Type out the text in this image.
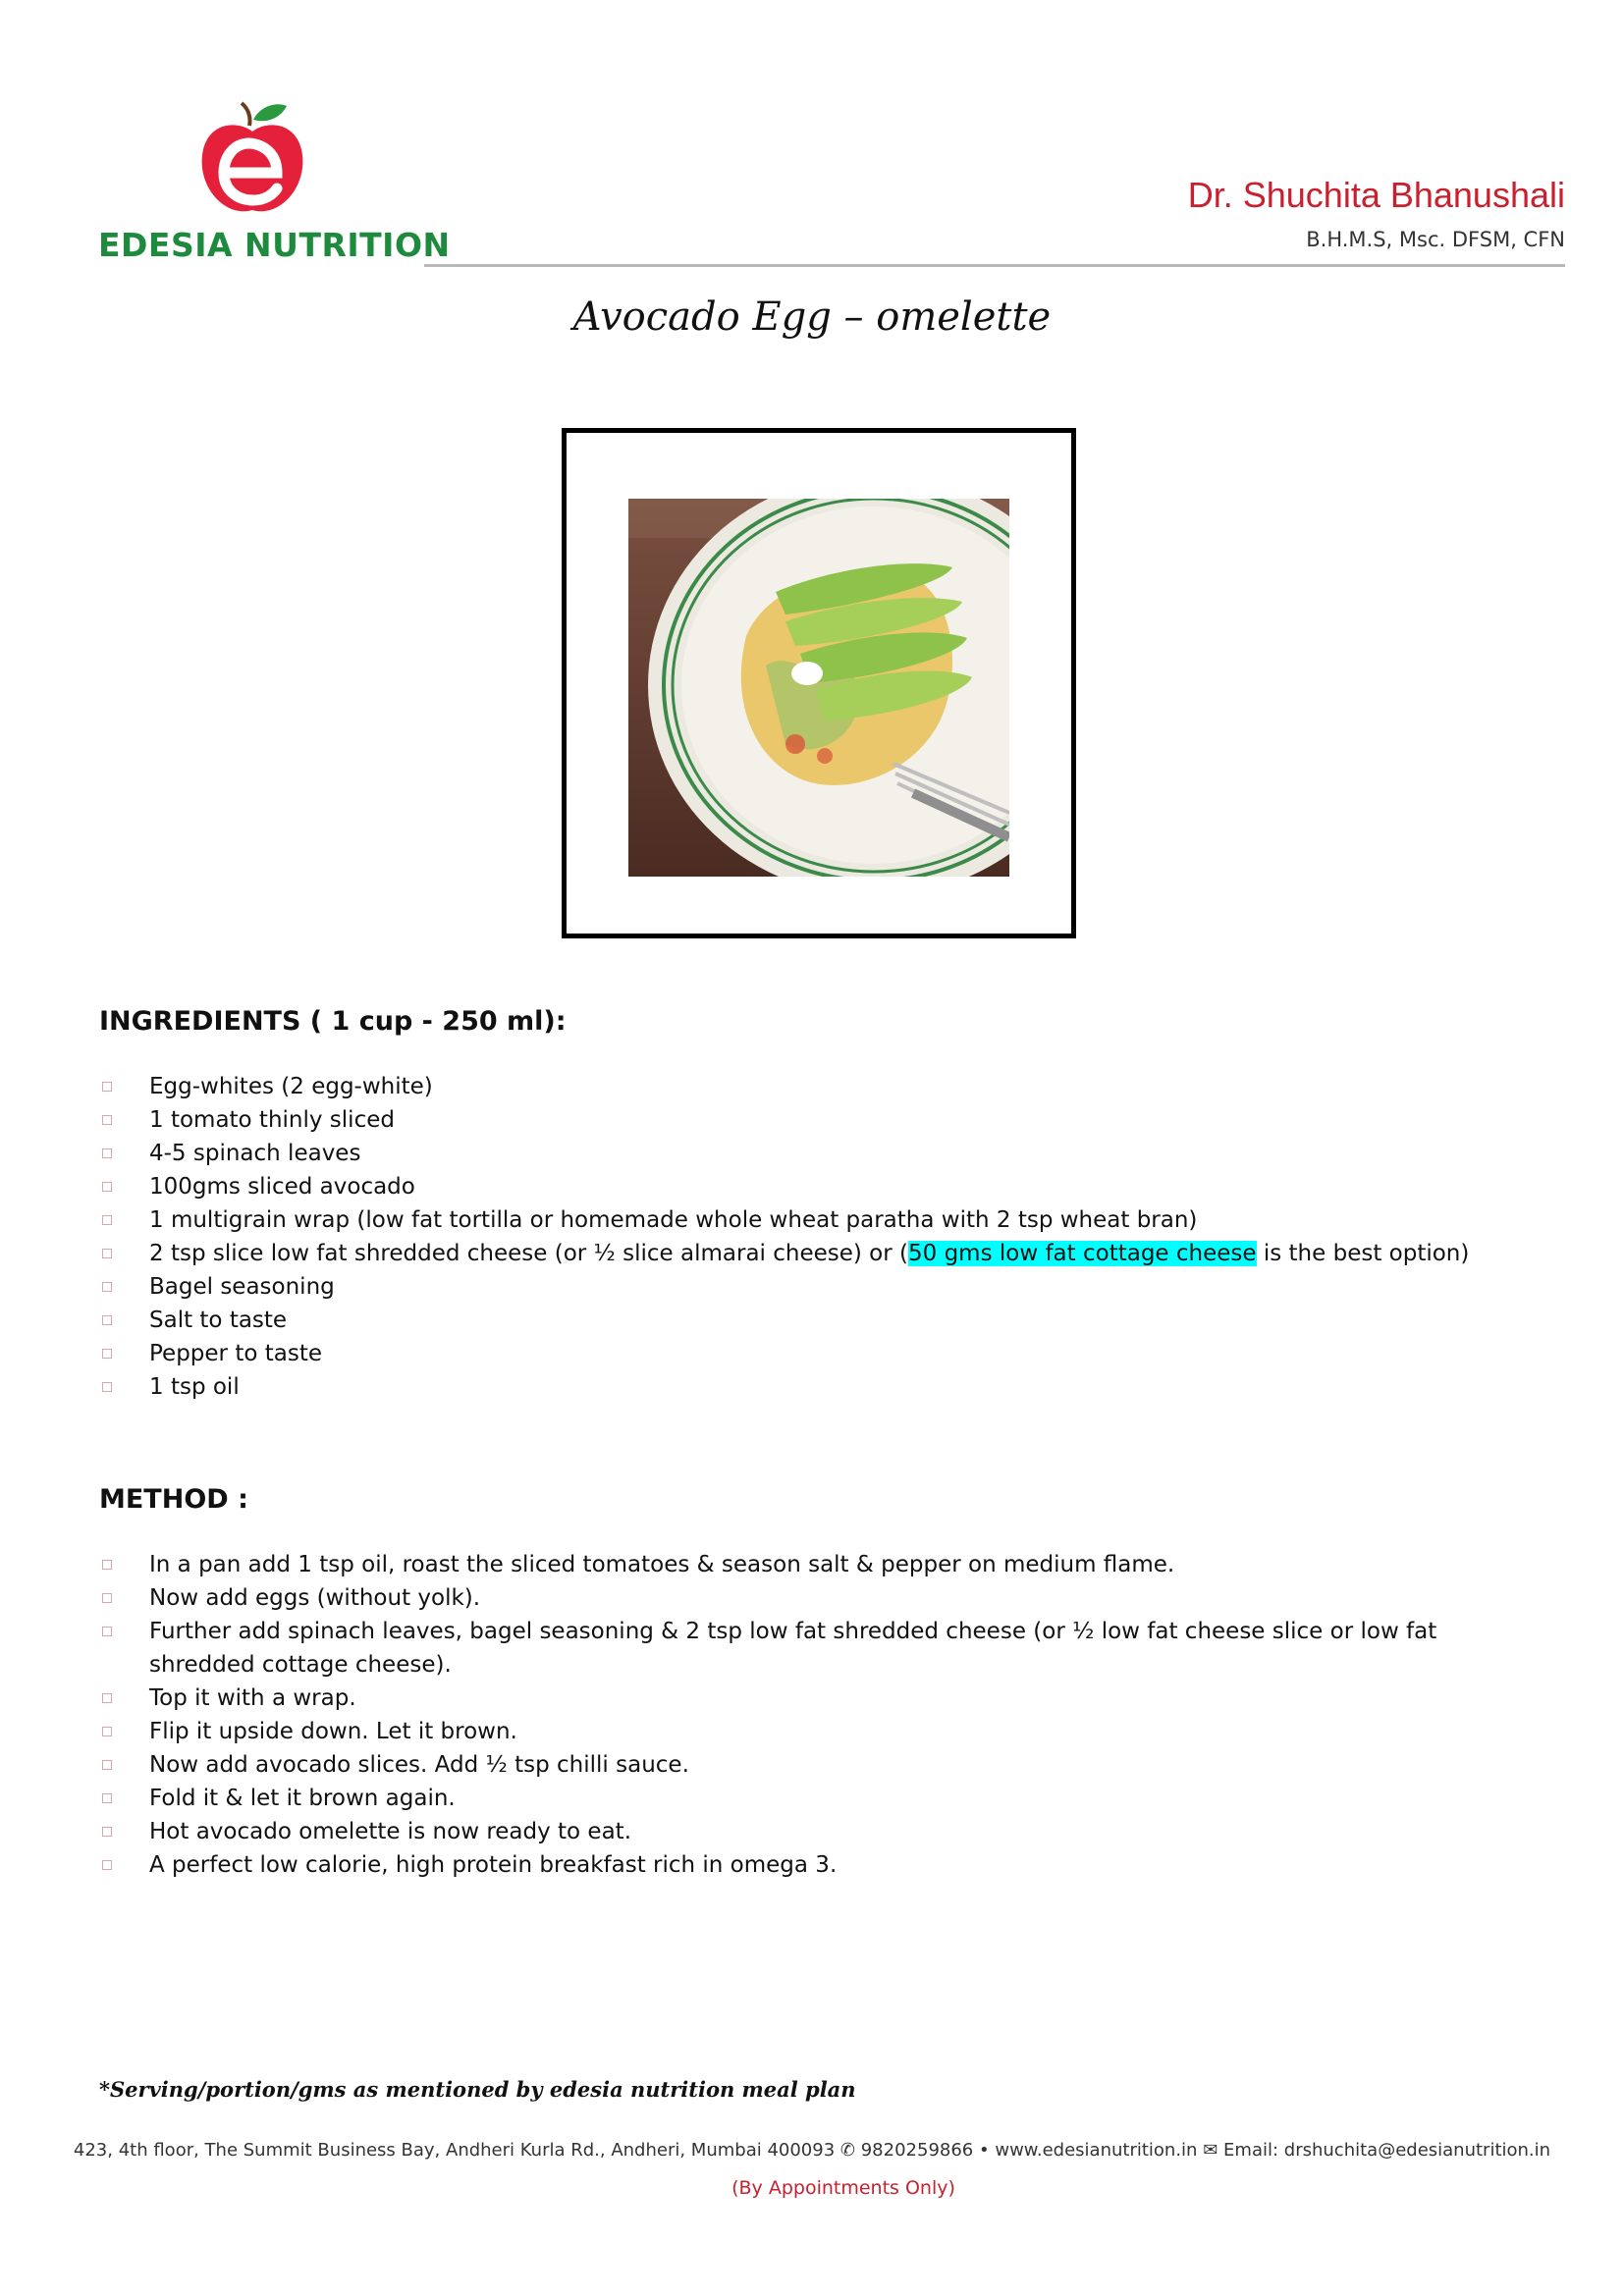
EDESIA NUTRITION
Dr. Shuchita Bhanushali
B.H.M.S, Msc. DFSM, CFN
Avocado Egg – omelette
INGREDIENTS ( 1 cup - 250 ml):
Egg-whites (2 egg-white)
1 tomato thinly sliced
4-5 spinach leaves
100gms sliced avocado
1 multigrain wrap (low fat tortilla or homemade whole wheat paratha with 2 tsp wheat bran)
2 tsp slice low fat shredded cheese (or ½ slice almarai cheese) or (50 gms low fat cottage cheese is the best option)
Bagel seasoning
Salt to taste
Pepper to taste
1 tsp oil
METHOD :
In a pan add 1 tsp oil, roast the sliced tomatoes & season salt & pepper on medium flame.
Now add eggs (without yolk).
Further add spinach leaves, bagel seasoning & 2 tsp low fat shredded cheese (or ½ low fat cheese slice or low fat shredded cottage cheese).
Top it with a wrap.
Flip it upside down. Let it brown.
Now add avocado slices. Add ½ tsp chilli sauce.
Fold it & let it brown again.
Hot avocado omelette is now ready to eat.
A perfect low calorie, high protein breakfast rich in omega 3.
*Serving/portion/gms as mentioned by edesia nutrition meal plan
423, 4th floor, The Summit Business Bay, Andheri Kurla Rd., Andheri, Mumbai 400093 ✆ 9820259866 • www.edesianutrition.in ✉ Email: drshuchita@edesianutrition.in
(By Appointments Only)
